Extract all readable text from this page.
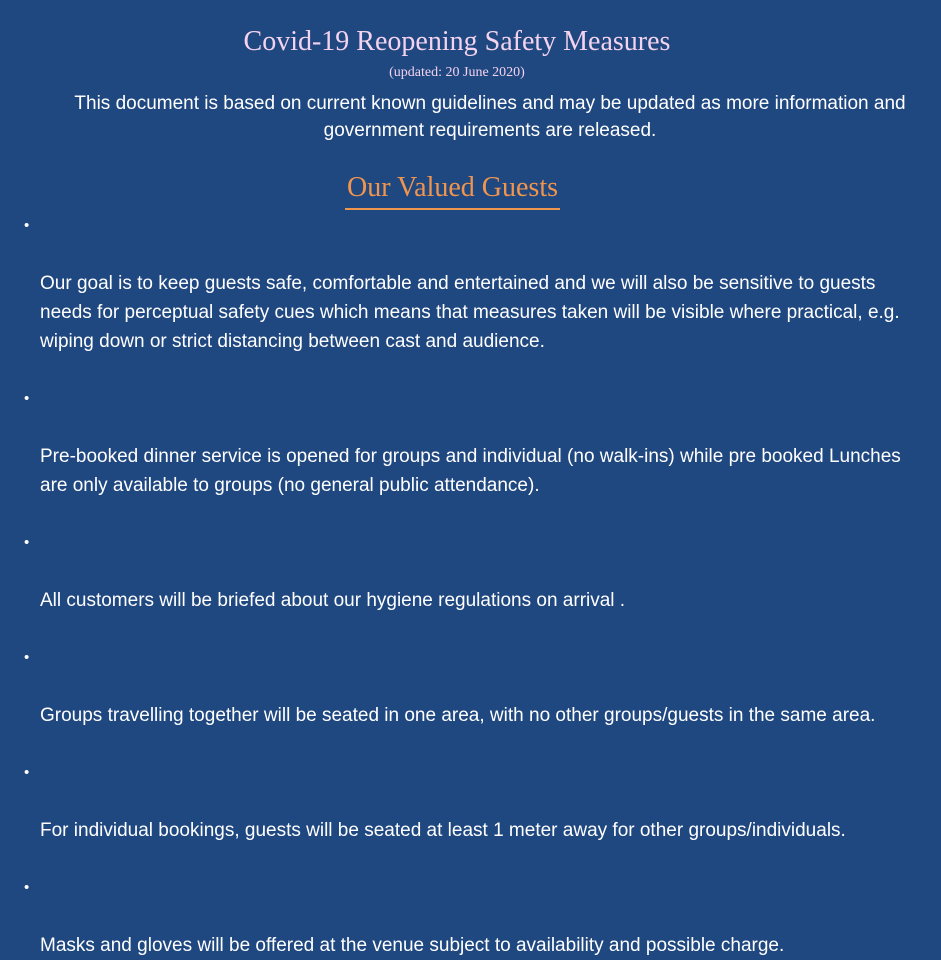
Covid-19 Reopening Safety Measures
(updated: 20 June 2020)
This document is based on current known guidelines and may be updated as more information and government requirements are released.
Our Valued Guests

•

Our goal is to keep guests safe, comfortable and entertained and we will also be sensitive to guests needs for perceptual safety cues which means that measures taken will be visible where practical, e.g. wiping down or strict distancing between cast and audience.

•

Pre-booked dinner service is opened for groups and individual (no walk-ins) while pre booked Lunches are only available to groups (no general public attendance).

•

All customers will be briefed about our hygiene regulations on arrival .

•

Groups travelling together will be seated in one area, with no other groups/guests in the same area.

•

For individual bookings, guests will be seated at least 1 meter away for other groups/individuals.

•

Masks and gloves will be offered at the venue subject to availability and possible charge.
